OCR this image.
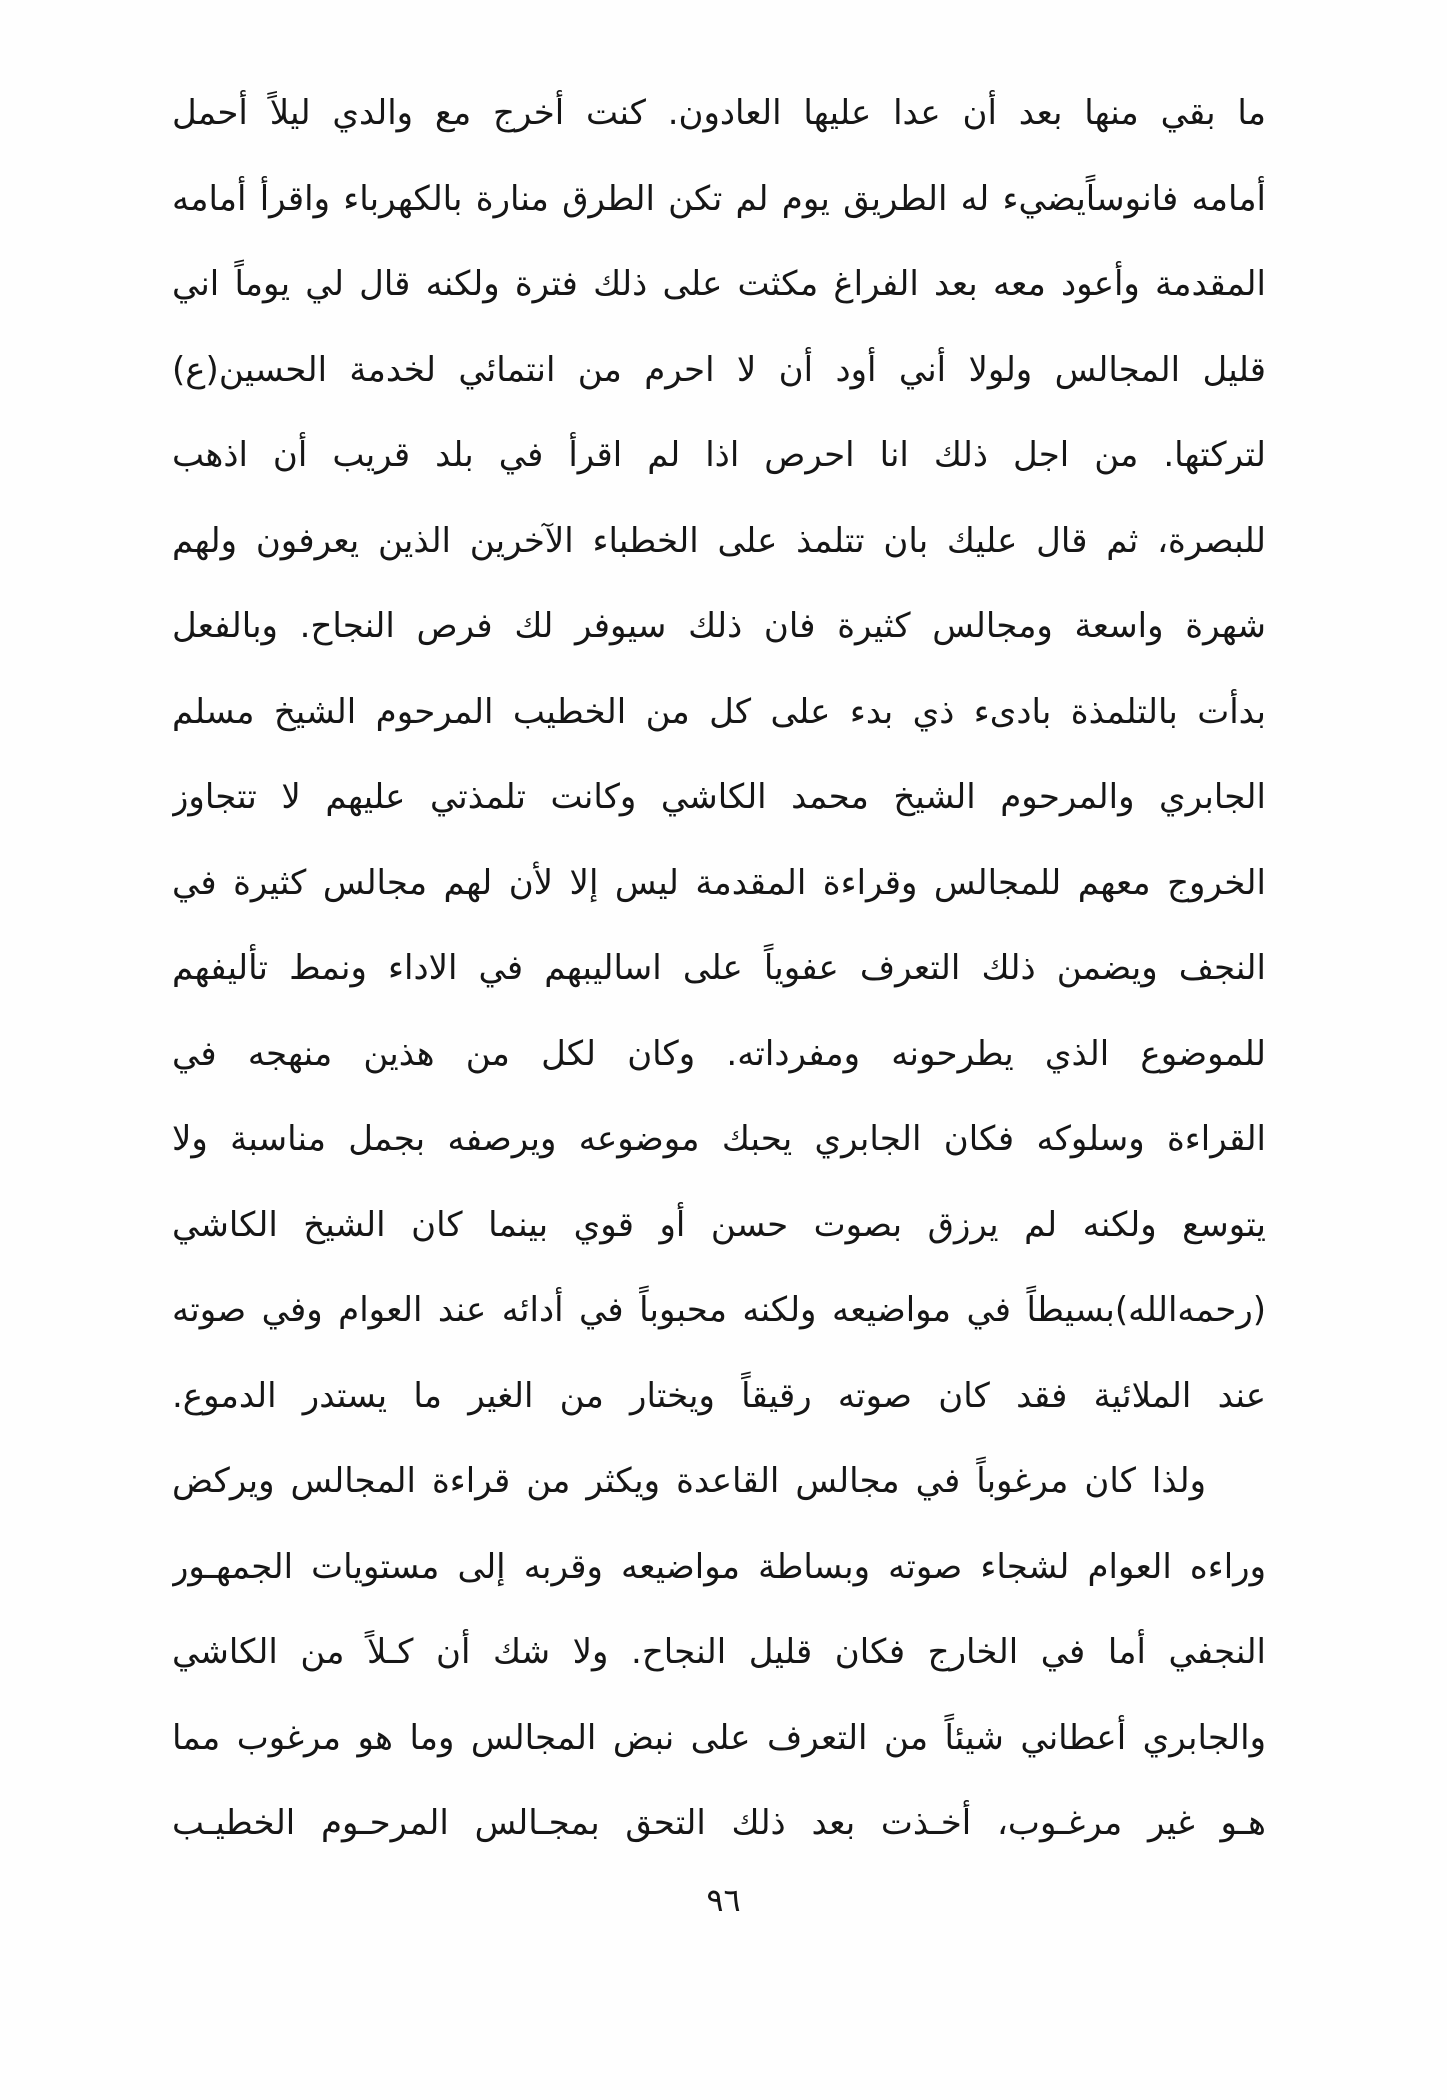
ما بقي منها بعد أن عدا عليها العادون. كنت أخرج مع والدي ليلاً أحمل
أمامه فانوساًيضيء له الطريق يوم لم تكن الطرق منارة بالكهرباء واقرأ أمامه
المقدمة وأعود معه بعد الفراغ مكثت على ذلك فترة ولكنه قال لي يوماً اني
قليل المجالس ولولا أني أود أن لا احرم من انتمائي لخدمة الحسين(ع)
لتركتها. من اجل ذلك انا احرص اذا لم اقرأ في بلد قريب أن اذهب
للبصرة، ثم قال عليك بان تتلمذ على الخطباء الآخرين الذين يعرفون ولهم
شهرة واسعة ومجالس كثيرة فان ذلك سيوفر لك فرص النجاح. وبالفعل
بدأت بالتلمذة بادىء ذي بدء على كل من الخطيب المرحوم الشيخ مسلم
الجابري والمرحوم الشيخ محمد الكاشي وكانت تلمذتي عليهم لا تتجاوز
الخروج معهم للمجالس وقراءة المقدمة ليس إلا لأن لهم مجالس كثيرة في
النجف ويضمن ذلك التعرف عفوياً على اساليبهم في الاداء ونمط تأليفهم
للموضوع الذي يطرحونه ومفرداته. وكان لكل من هذين منهجه في
القراءة وسلوكه فكان الجابري يحبك موضوعه ويرصفه بجمل مناسبة ولا
يتوسع ولكنه لم يرزق بصوت حسن أو قوي بينما كان الشيخ الكاشي
(رحمه‌الله)بسيطاً في مواضيعه ولكنه محبوباً في أدائه عند العوام وفي صوته
عند الملائية فقد كان صوته رقيقاً ويختار من الغير ما يستدر الدموع.
ولذا كان مرغوباً في مجالس القاعدة ويكثر من قراءة المجالس ويركض
وراءه العوام لشجاء صوته وبساطة مواضيعه وقربه إلى مستويات الجمهـور
النجفي أما في الخارج فكان قليل النجاح. ولا شك أن كـلاً من الكاشي
والجابري أعطاني شيئاً من التعرف على نبض المجالس وما هو مرغوب مما
هـو غير مرغـوب، أخـذت بعد ذلك التحق بمجـالس المرحـوم الخطيـب
٩٦
